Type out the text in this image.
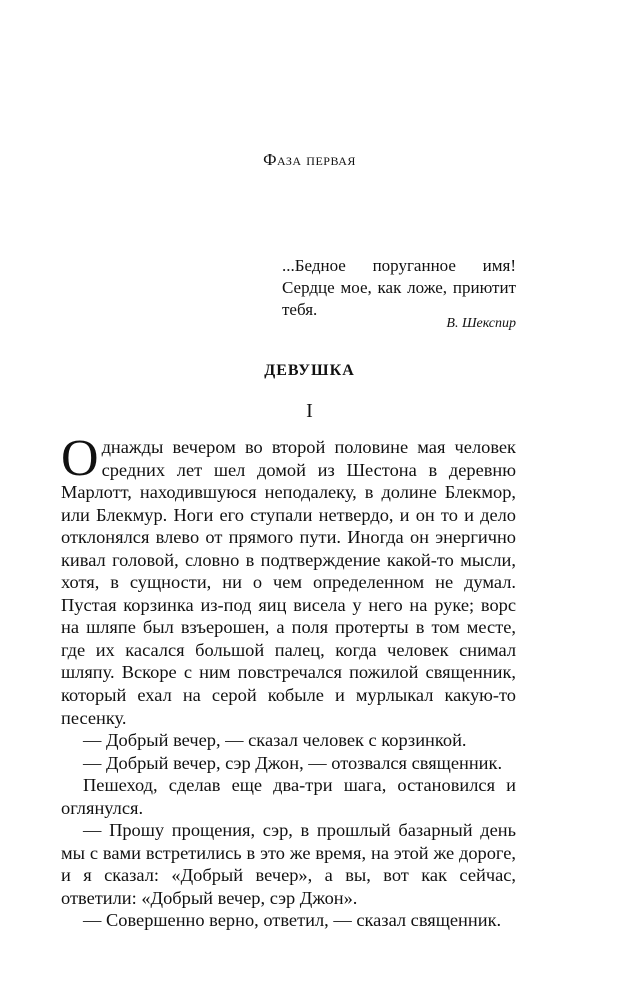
Фаза первая

...Бедное поруганное имя! Сердце мое, как ложе, приютит тебя.

В. Шекспир
ДЕВУШКА
I

Однажды вечером во второй половине мая человек средних лет шел домой из Шестона в деревню Марлотт, находившуюся неподалеку, в долине Блекмор, или Блекмур. Ноги его ступали нетвердо, и он то и дело отклонялся влево от прямого пути. Иногда он энергично кивал головой, словно в подтверждение какой-то мысли, хотя, в сущности, ни о чем определенном не думал. Пустая корзинка из-под яиц висела у него на руке; ворс на шляпе был взъерошен, а поля протерты в том месте, где их касался большой палец, когда человек снимал шляпу. Вскоре с ним повстречался пожилой священник, который ехал на серой кобыле и мурлыкал какую-то песенку.

— Добрый вечер, — сказал человек с корзинкой.

— Добрый вечер, сэр Джон, — отозвался священник.

Пешеход, сделав еще два-три шага, остановился и оглянулся.

— Прошу прощения, сэр, в прошлый базарный день мы с вами встретились в это же время, на этой же дороге, и я сказал: «Добрый вечер», а вы, вот как сейчас, ответили: «Добрый вечер, сэр Джон».

— Совершенно верно, ответил, — сказал священник.
